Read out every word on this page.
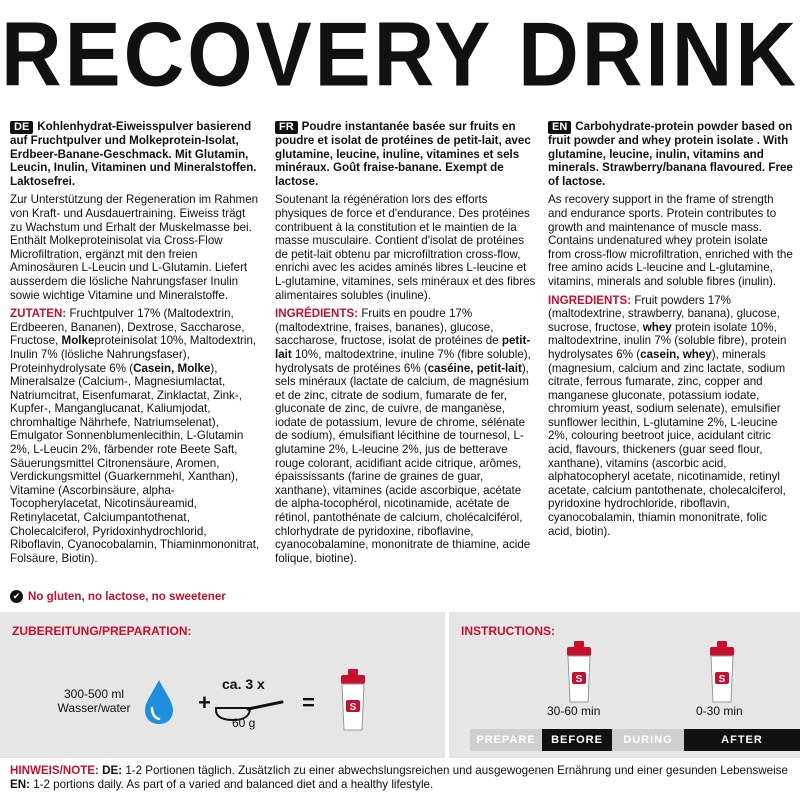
RECOVERY DRINK
DE Kohlenhydrat-Eiweisspulver basierend auf Fruchtpulver und Molkeprotein-Isolat, Erdbeer-Banane-Geschmack. Mit Glutamin, Leucin, Inulin, Vitaminen und Mineralstoffen. Laktosefrei.
Zur Unterstützung der Regeneration im Rahmen von Kraft- und Ausdauertraining. Eiweiss trägt zu Wachstum und Erhalt der Muskelmasse bei. Enthält Molkeproteinisolat via Cross-Flow Microfiltration, ergänzt mit den freien Aminosäuren L-Leucin und L-Glutamin. Liefert ausserdem die lösliche Nahrungsfaser Inulin sowie wichtige Vitamine und Mineralstoffe.
ZUTATEN: Fruchtpulver 17% (Maltodextrin, Erdbeeren, Bananen), Dextrose, Saccharose, Fructose, Molkeproteinisolat 10%, Maltodextrin, Inulin 7% (lösliche Nahrungsfaser), Proteinhydrolysate 6% (Casein, Molke), Mineralsalze (Calcium-, Magnesiumlactat, Natriumcitrat, Eisenfumarat, Zinklactat, Zink-, Kupfer-, Manganglucanat, Kaliumjodat, chromhaltige Nährhefe, Natriumselenat), Emulgator Sonnenblumenlecithin, L-Glutamin 2%, L-Leucin 2%, färbender rote Beete Saft, Säuerungsmittel Citronensäure, Aromen, Verdickungsmittel (Guarkernmehl, Xanthan), Vitamine (Ascorbinsäure, alpha-Tocopherylacetat, Nicotinsäureamid, Retinylacetat, Calciumpantothenat, Cholecalciferol, Pyridoxinhydrochlorid, Riboflavin, Cyanocobalamin, Thiaminmononitrat, Folsäure, Biotin).
FR Poudre instantanée basée sur fruits en poudre et isolat de protéines de petit-lait, avec glutamine, leucine, inuline, vitamines et sels minéraux. Goût fraise-banane. Exempt de lactose.
Soutenant la régénération lors des efforts physiques de force et d'endurance. Des protéines contribuent à la constitution et le maintien de la masse musculaire. Contient d'isolat de protéines de petit-lait obtenu par microfiltration cross-flow, enrichi avec les acides aminés libres L-leucine et L-glutamine, vitamines, sels minéraux et des fibres alimentaires solubles (inuline).
INGRÉDIENTS: Fruits en poudre 17% (maltodextrine, fraises, bananes), glucose, saccharose, fructose, isolat de protéines de petit-lait 10%, maltodextrine, inuline 7% (fibre soluble), hydrolysats de protéines 6% (caséine, petit-lait), sels minéraux (lactate de calcium, de magnésium et de zinc, citrate de sodium, fumarate de fer, gluconate de zinc, de cuivre, de manganèse, iodate de potassium, levure de chrome, sélénate de sodium), émulsifiant lécithine de tournesol, L-glutamine 2%, L-leucine 2%, jus de betterave rouge colorant, acidifiant acide citrique, arômes, épaississants (farine de graines de guar, xanthane), vitamines (acide ascorbique, acétate de alpha-tocophérol, nicotinamide, acétate de rétinol, pantothénate de calcium, cholécalciférol, chlorhydrate de pyridoxine, riboflavine, cyanocobalamine, mononitrate de thiamine, acide folique, biotine).
EN Carbohydrate-protein powder based on fruit powder and whey protein isolate . With glutamine, leucine, inulin, vitamins and minerals. Strawberry/banana flavoured. Free of lactose.
As recovery support in the frame of strength and endurance sports. Protein contributes to growth and maintenance of muscle mass. Contains undenatured whey protein isolate from cross-flow microfiltration, enriched with the free amino acids L-leucine and L-glutamine, vitamins, minerals and soluble fibres (inulin).
INGREDIENTS: Fruit powders 17% (maltodextrine, strawberry, banana), glucose, sucrose, fructose, whey protein isolate 10%, maltodextrine, inulin 7% (soluble fibre), protein hydrolysates 6% (casein, whey), minerals (magnesium, calcium and zinc lactate, sodium citrate, ferrous fumarate, zinc, copper and manganese gluconate, potassium iodate, chromium yeast, sodium selenate), emulsifier sunflower lecithin, L-glutamine 2%, L-leucine 2%, colouring beetroot juice, acidulant citric acid, flavours, thickeners (guar seed flour, xanthane), vitamins (ascorbic acid, alphatocopheryl acetate, nicotinamide, retinyl acetate, calcium pantothenate, cholecalciferol, pyridoxine hydrochloride, riboflavin, cyanocobalamin, thiamin mononitrate, folic acid, biotin).
✔ No gluten, no lactose, no sweetener
ZUBEREITUNG/PREPARATION:
300-500 ml
Wasser/water	+
ca. 3 x
60 g
=	S
INSTRUCTIONS:
S	S
30-60 min	0-30 min
PREPARE	BEFORE	DURING	AFTER
HINWEIS/NOTE: DE: 1-2 Portionen täglich. Zusätzlich zu einer abwechslungsreichen und ausgewogenen Ernährung und einer gesunden Lebensweise EN: 1-2 portions daily. As part of a varied and balanced diet and a healthy lifestyle.
